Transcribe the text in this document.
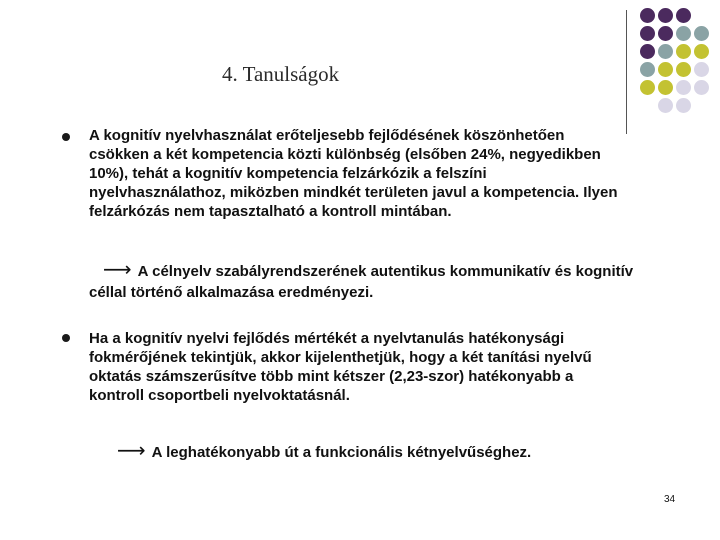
4. Tanulságok
A kognitív nyelvhasználat erőteljesebb fejlődésének köszönhetően csökken a két kompetencia közti különbség (elsőben 24%, negyedikben 10%), tehát a kognitív kompetencia felzárkózik a felszíni nyelvhasználathoz, miközben mindkét területen javul a kompetencia. Ilyen felzárkózás nem tapasztalható a kontroll mintában.
⟶ A célnyelv szabályrendszerének autentikus kommunikatív és kognitív céllal történő alkalmazása eredményezi.
Ha a kognitív nyelvi fejlődés mértékét a nyelvtanulás hatékonysági fokmérőjének tekintjük, akkor kijelenthetjük, hogy a két tanítási nyelvű oktatás számszerűsítve több mint kétszer (2,23-szor) hatékonyabb a kontroll csoportbeli nyelvoktatásnál.
⟶ A leghatékonyabb út a funkcionális kétnyelvűséghez.
34
